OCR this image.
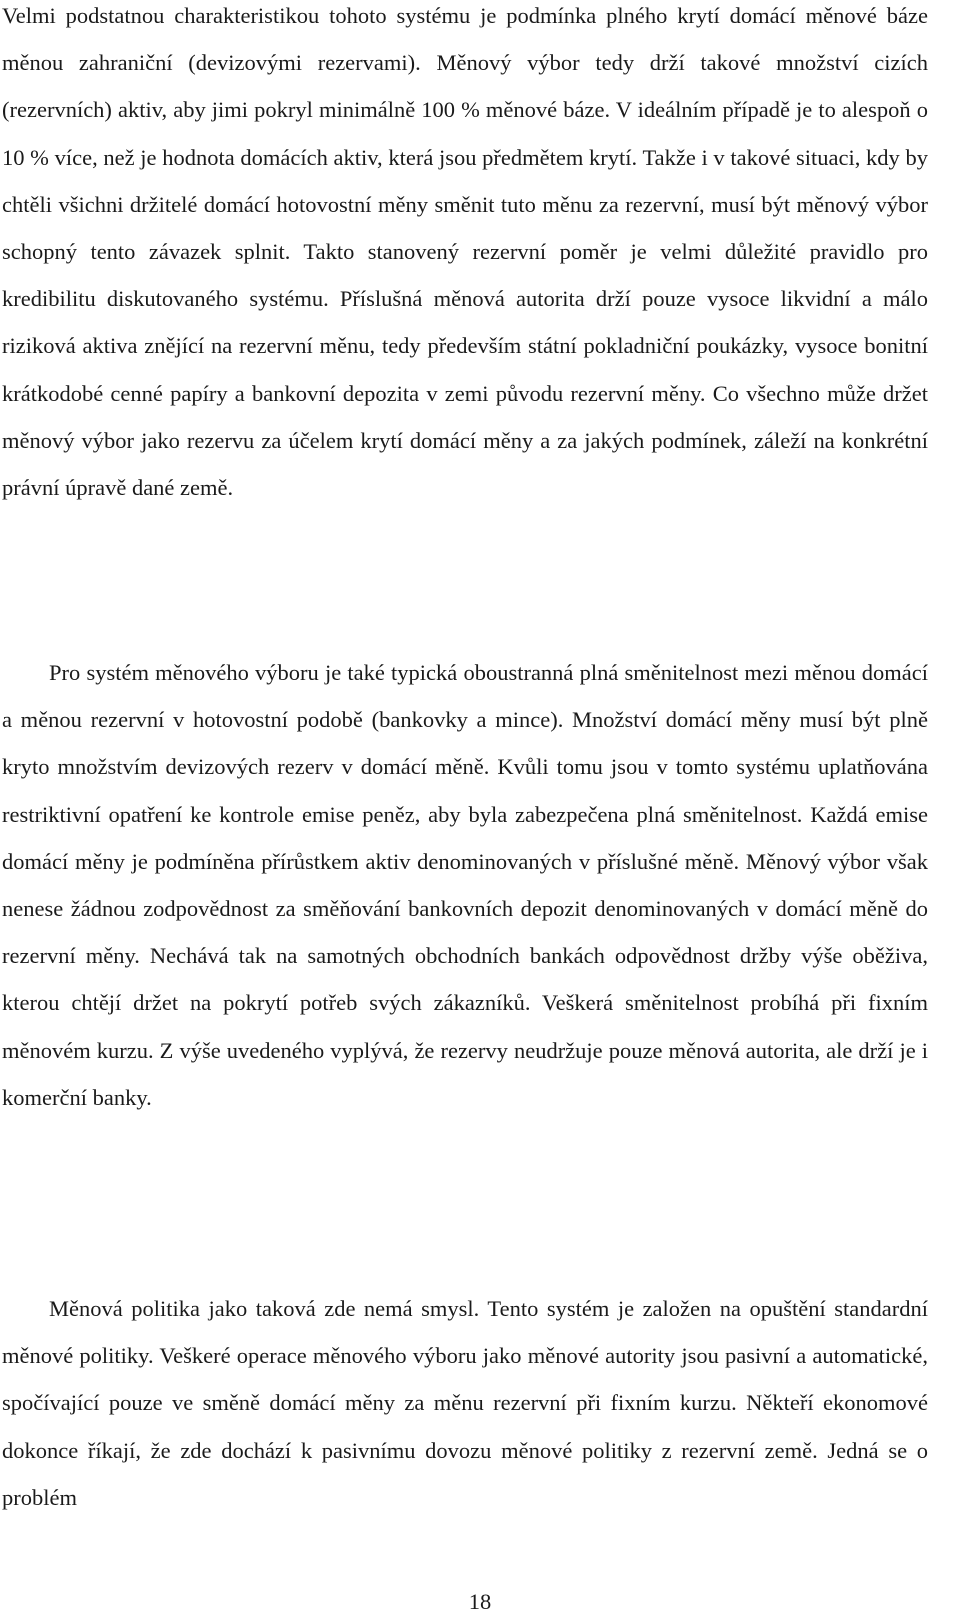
Velmi podstatnou charakteristikou tohoto systému je podmínka plného krytí domácí měnové báze měnou zahraniční (devizovými rezervami). Měnový výbor tedy drží takové množství cizích (rezervních) aktiv, aby jimi pokryl minimálně 100 % měnové báze. V ideálním případě je to alespoň o 10 % více, než je hodnota domácích aktiv, která jsou předmětem krytí. Takže i v takové situaci, kdy by chtěli všichni držitelé domácí hotovostní měny směnit tuto měnu za rezervní, musí být měnový výbor schopný tento závazek splnit. Takto stanovený rezervní poměr je velmi důležité pravidlo pro kredibilitu diskutovaného systému. Příslušná měnová autorita drží pouze vysoce likvidní a málo riziková aktiva znějící na rezervní měnu, tedy především státní pokladniční poukázky, vysoce bonitní krátkodobé cenné papíry a bankovní depozita v zemi původu rezervní měny. Co všechno může držet měnový výbor jako rezervu za účelem krytí domácí měny a za jakých podmínek, záleží na konkrétní právní úpravě dané země.

Pro systém měnového výboru je také typická oboustranná plná směnitelnost mezi měnou domácí a měnou rezervní v hotovostní podobě (bankovky a mince). Množství domácí měny musí být plně kryto množstvím devizových rezerv v domácí měně. Kvůli tomu jsou v tomto systému uplatňována restriktivní opatření ke kontrole emise peněz, aby byla zabezpečena plná směnitelnost. Každá emise domácí měny je podmíněna přírůstkem aktiv denominovaných v příslušné měně. Měnový výbor však nenese žádnou zodpovědnost za směňování bankovních depozit denominovaných v domácí měně do rezervní měny. Nechává tak na samotných obchodních bankách odpovědnost držby výše oběživa, kterou chtějí držet na pokrytí potřeb svých zákazníků. Veškerá směnitelnost probíhá při fixním měnovém kurzu. Z výše uvedeného vyplývá, že rezervy neudržuje pouze měnová autorita, ale drží je i komerční banky.

Měnová politika jako taková zde nemá smysl. Tento systém je založen na opuštění standardní měnové politiky. Veškeré operace měnového výboru jako měnové autority jsou pasivní a automatické, spočívající pouze ve směně domácí měny za měnu rezervní při fixním kurzu. Někteří ekonomové dokonce říkají, že zde dochází k pasivnímu dovozu měnové politiky z rezervní země. Jedná se o problém

18
